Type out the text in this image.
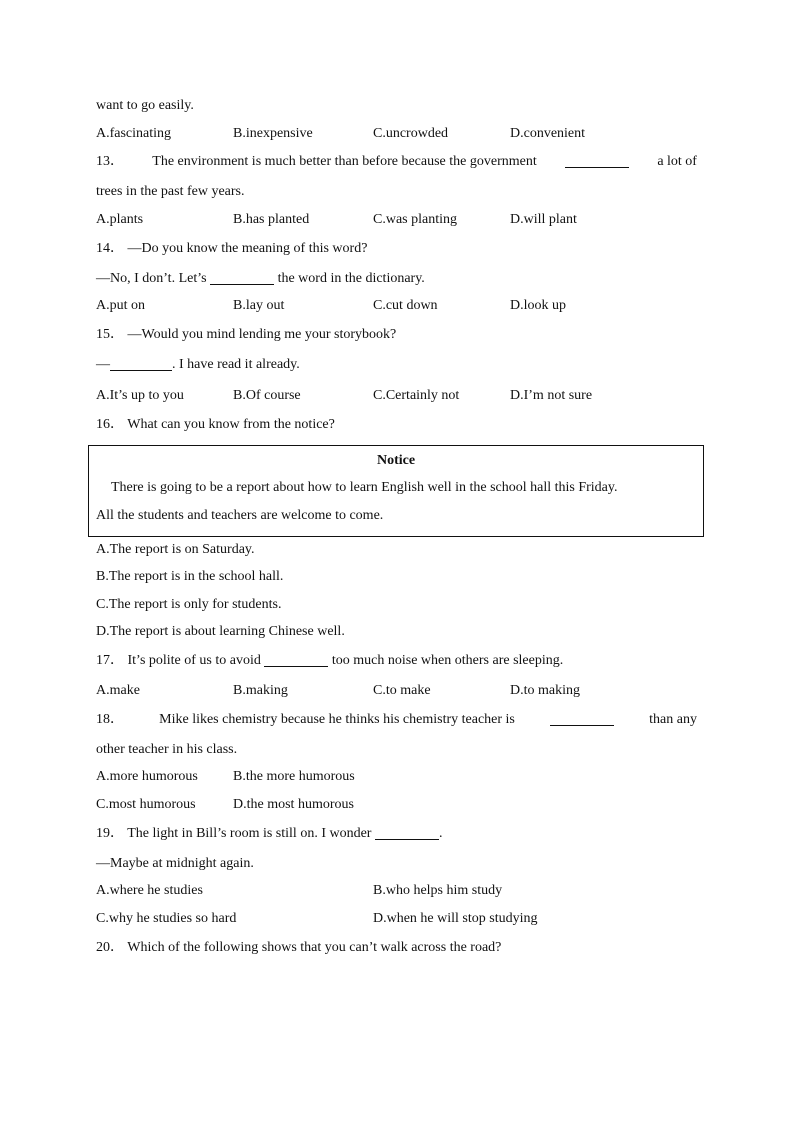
want to go easily.
A.fascinating	B.inexpensive	C.uncrowded	D.convenient
13． The environment is much better than before because the government	a lot of
trees in the past few years.
A.plants	B.has planted	C.was planting	D.will plant
14． —Do you know the meaning of this word?
—No, I don’t. Let’s	the word in the dictionary.
A.put on	B.lay out	C.cut down	D.look up
15． —Would you mind lending me your storybook?
—	. I have read it already.
A.It’s up to you	B.Of course	C.Certainly not	D.I’m not sure
16． What can you know from the notice?
Notice
There is going to be a report about how to learn English well in the school hall this Friday.
All the students and teachers are welcome to come.
A.The report is on Saturday.
B.The report is in the school hall.
C.The report is only for students.
D.The report is about learning Chinese well.
17． It’s polite of us to avoid	too much noise when others are sleeping.
A.make	B.making	C.to make	D.to making
18．	Mike likes chemistry because he thinks his chemistry teacher is	than any
other teacher in his class.
A.more humorous	B.the more humorous
C.most humorous	D.the most humorous
19． The light in Bill’s room is still on. I wonder	.
—Maybe at midnight again.
A.where he studies	B.who helps him study
C.why he studies so hard	D.when he will stop studying
20． Which of the following shows that you can’t walk across the road?
